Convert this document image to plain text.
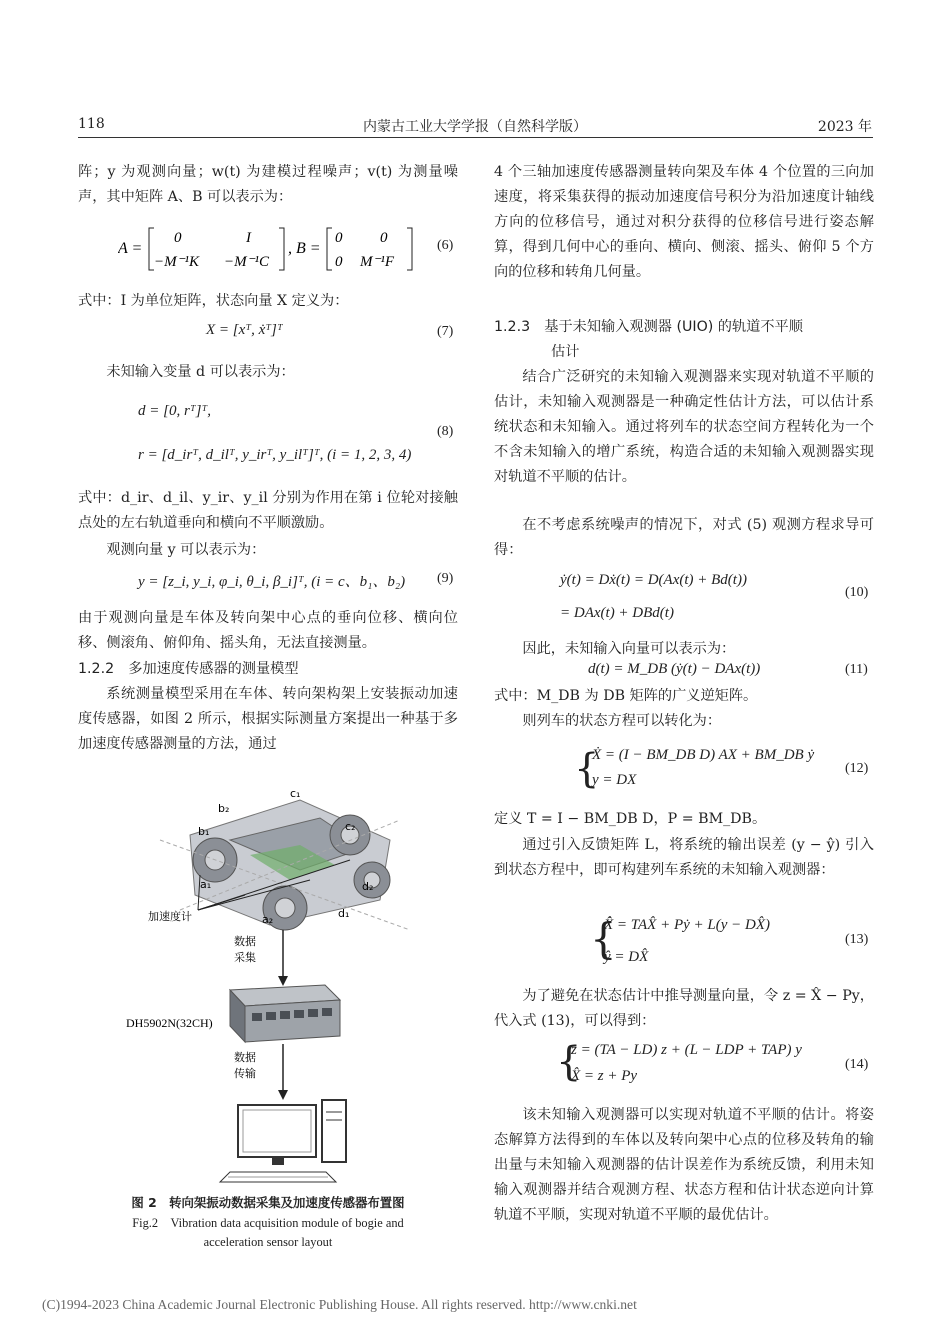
118	内蒙古工业大学学报（自然科学版）	2023 年
阵；y 为观测向量；w(t) 为建模过程噪声；v(t) 为测量噪声，其中矩阵 A、B 可以表示为：
A =
0	I
−M⁻¹K −M⁻¹C
, B =
0	0
0 M⁻¹F
(6)
式中：I 为单位矩阵，状态向量 X 定义为：
X = [xᵀ, ẋᵀ]ᵀ	(7)
未知输入变量 d 可以表示为：
d = [0, rᵀ]ᵀ,
r = [d_irᵀ, d_ilᵀ, y_irᵀ, y_ilᵀ]ᵀ, (i = 1, 2, 3, 4)
(8)
式中：d_ir、d_il、y_ir、y_il 分别为作用在第 i 位轮对接触点处的左右轨道垂向和横向不平顺激励。
观测向量 y 可以表示为：
y = [z_i, y_i, φ_i, θ_i, β_i]ᵀ, (i = c、b₁、b₂) (9)
由于观测向量是车体及转向架中心点的垂向位移、横向位移、侧滚角、俯仰角、摇头角，无法直接测量。
1.2.2　多加速度传感器的测量模型
系统测量模型采用在车体、转向架构架上安装振动加速度传感器，如图 2 所示，根据实际测量方案提出一种基于多加速度传感器测量的方法，通过
b₂
c₁
b₁	c₂
a₁	d₂
a₂	d₁
加速度计
数据
采集
DH5902N(32CH)
数据
传输
图 2　转向架振动数据采集及加速度传感器布置图
Fig.2　Vibration data acquisition module of bogie and
acceleration sensor layout
4 个三轴加速度传感器测量转向架及车体 4 个位置的三向加速度，将采集获得的振动加速度信号积分为沿加速度计轴线方向的位移信号，通过对积分获得的位移信号进行姿态解算，得到几何中心的垂向、横向、侧滚、摇头、俯仰 5 个方向的位移和转角几何量。
1.2.3　基于未知输入观测器 (UIO) 的轨道不平顺
估计
结合广泛研究的未知输入观测器来实现对轨道不平顺的估计，未知输入观测器是一种确定性估计方法，可以估计系统状态和未知输入。通过将列车的状态空间方程转化为一个不含未知输入的增广系统，构造合适的未知输入观测器实现对轨道不平顺的估计。
在不考虑系统噪声的情况下，对式 (5) 观测方程求导可得：
ẏ(t) = Dẋ(t) = D(Ax(t) + Bd(t))
= DAx(t) + DBd(t)
(10)
因此，未知输入向量可以表示为：
d(t) = M_DB (ẏ(t) − DAx(t))	(11)
式中：M_DB 为 DB 矩阵的广义逆矩阵。
则列车的状态方程可以转化为：
{
Ẋ = (I − BM_DB D) AX + BM_DB ẏ
y = DX
(12)
定义 T = I − BM_DB D，P = BM_DB。
通过引入反馈矩阵 L，将系统的输出误差 (y − ŷ) 引入到状态方程中，即可构建列车系统的未知输入观测器：
{
X̂̇ = TAX̂ + Pẏ + L(y − DX̂)
ŷ = DX̂
(13)
为了避免在状态估计中推导测量向量，令 z = X̂ − Py，代入式 (13)，可以得到：
{
ż = (TA − LD) z + (L − LDP + TAP) y
X̂ = z + Py
(14)
该未知输入观测器可以实现对轨道不平顺的估计。将姿态解算方法得到的车体以及转向架中心点的位移及转角的输出量与未知输入观测器的估计误差作为系统反馈，利用未知输入观测器并结合观测方程、状态方程和估计状态逆向计算轨道不平顺，实现对轨道不平顺的最优估计。
(C)1994-2023 China Academic Journal Electronic Publishing House. All rights reserved. http://www.cnki.net
